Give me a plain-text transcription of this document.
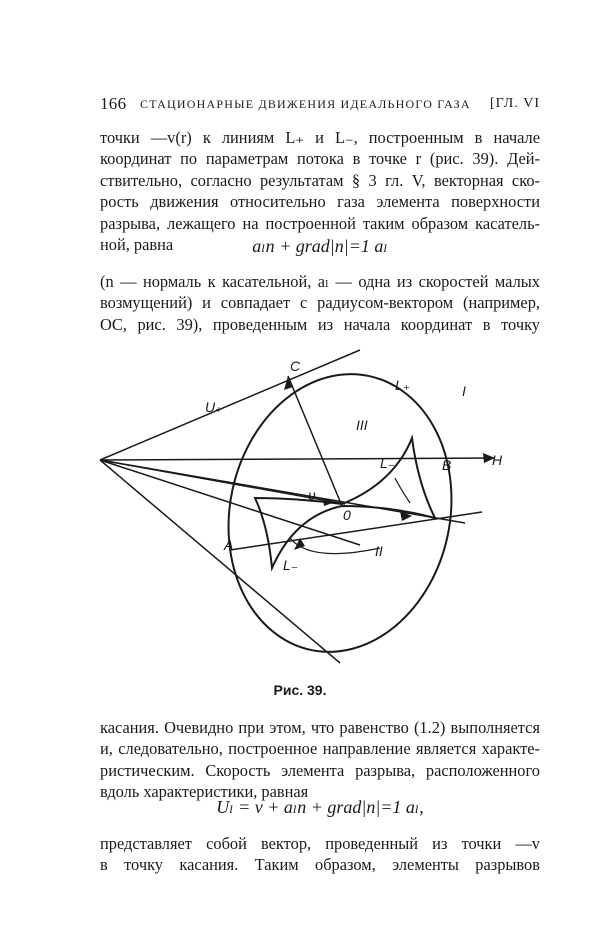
166 СТАЦИОНАРНЫЕ ДВИЖЕНИЯ ИДЕАЛЬНОГО ГАЗА [ГЛ. VI
точки —v(r) к линиям L₊ и L₋, построенным в начале
координат по параметрам потока в точке r (рис. 39). Дей-
ствительно, согласно результатам § 3 гл. V, векторная ско-
рость движения относительно газа элемента поверхности
разрыва, лежащего на построенной таким образом касатель-
ной, равна	aₗn + grad|n|=1 aₗ
(n — нормаль к касательной, aₗ — одна из скоростей малых
возмущений) и совпадает с радиусом-вектором (например,
OC, рис. 39), проведенным из начала координат в точку
C
U₊
L₊	I
III
L₋	B	H
υ
0
A	II
L₋
Рис. 39.
касания. Очевидно при этом, что равенство (1.2) выполняется
и, следовательно, построенное направление является характе-
ристическим. Скорость элемента разрыва, расположенного
вдоль характеристики, равная
Uₗ = v + aₗn + grad|n|=1 aₗ,
представляет собой вектор, проведенный из точки —v
в точку касания. Таким образом, элементы разрывов
